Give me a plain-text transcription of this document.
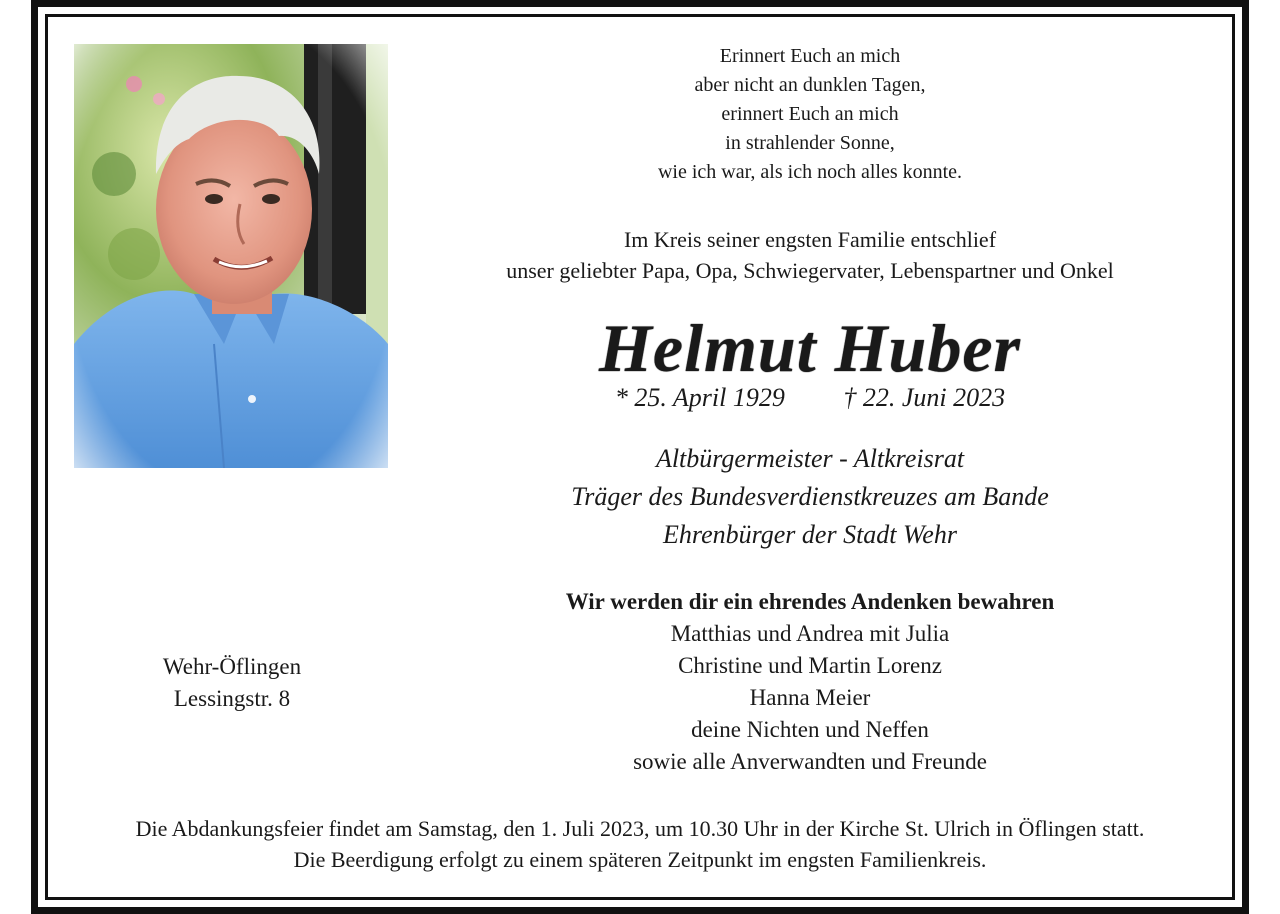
Erinnert Euch an mich
aber nicht an dunklen Tagen,
erinnert Euch an mich
in strahlender Sonne,
wie ich war, als ich noch alles konnte.
Im Kreis seiner engsten Familie entschlief
unser geliebter Papa, Opa, Schwiegervater, Lebenspartner und Onkel
Helmut Huber
* 25. April 1929 † 22. Juni 2023
Altbürgermeister - Altkreisrat
Träger des Bundesverdienstkreuzes am Bande
Ehrenbürger der Stadt Wehr
Wir werden dir ein ehrendes Andenken bewahren
Matthias und Andrea mit Julia
Christine und Martin Lorenz
Hanna Meier
deine Nichten und Neffen
sowie alle Anverwandten und Freunde
Wehr-Öflingen
Lessingstr. 8
Die Abdankungsfeier findet am Samstag, den 1. Juli 2023, um 10.30 Uhr in der Kirche St. Ulrich in Öflingen statt.
Die Beerdigung erfolgt zu einem späteren Zeitpunkt im engsten Familienkreis.
